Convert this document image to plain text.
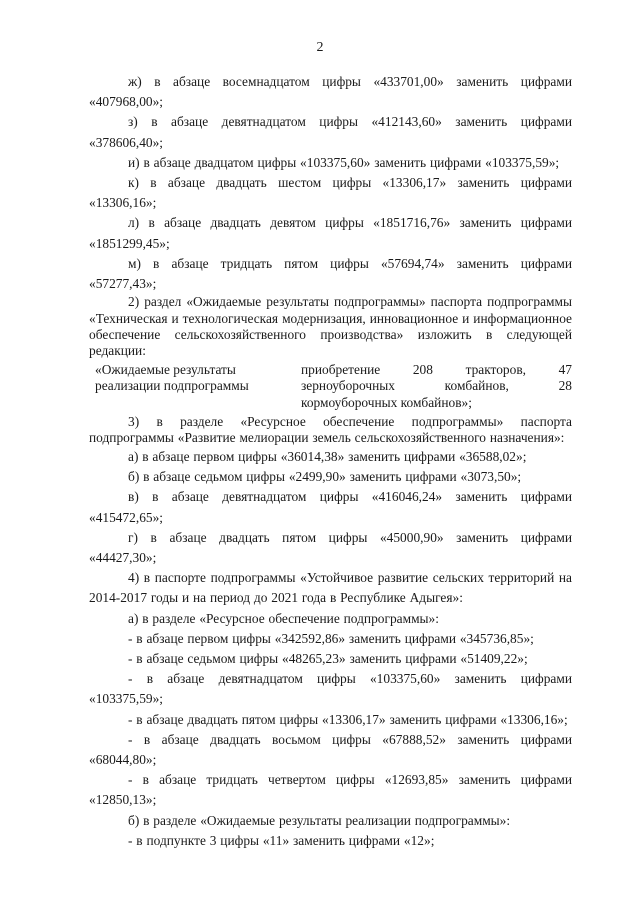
2

ж) в абзаце восемнадцатом цифры «433701,00» заменить цифрами «407968,00»;

з) в абзаце девятнадцатом цифры «412143,60» заменить цифрами «378606,40»;

и) в абзаце двадцатом цифры «103375,60» заменить цифрами «103375,59»;

к) в абзаце двадцать шестом цифры «13306,17» заменить цифрами «13306,16»;

л) в абзаце двадцать девятом цифры «1851716,76» заменить цифрами «1851299,45»;

м) в абзаце тридцать пятом цифры «57694,74» заменить цифрами «57277,43»;

2) раздел «Ожидаемые результаты подпрограммы» паспорта подпрограммы «Техническая и технологическая модернизация, инновационное и информационное обеспечение сельскохозяйственного производства» изложить в следующей редакции:

«Ожидаемые результаты реализации подпрограммы
приобретение 208 тракторов, 47 зерноуборочных комбайнов, 28 кормоуборочных комбайнов»;

3) в разделе «Ресурсное обеспечение подпрограммы» паспорта подпрограммы «Развитие мелиорации земель сельскохозяйственного назначения»:

а) в абзаце первом цифры «36014,38» заменить цифрами «36588,02»;

б) в абзаце седьмом цифры «2499,90» заменить цифрами «3073,50»;

в) в абзаце девятнадцатом цифры «416046,24» заменить цифрами «415472,65»;

г) в абзаце двадцать пятом цифры «45000,90» заменить цифрами «44427,30»;

4) в паспорте подпрограммы «Устойчивое развитие сельских территорий на 2014-2017 годы и на период до 2021 года в Республике Адыгея»:

а) в разделе «Ресурсное обеспечение подпрограммы»:

- в абзаце первом цифры «342592,86» заменить цифрами «345736,85»;

- в абзаце седьмом цифры «48265,23» заменить цифрами «51409,22»;

- в абзаце девятнадцатом цифры «103375,60» заменить цифрами «103375,59»;

- в абзаце двадцать пятом цифры «13306,17» заменить цифрами «13306,16»;

- в абзаце двадцать восьмом цифры «67888,52» заменить цифрами «68044,80»;

- в абзаце тридцать четвертом цифры «12693,85» заменить цифрами «12850,13»;

б) в разделе «Ожидаемые результаты реализации подпрограммы»:

- в подпункте 3 цифры «11» заменить цифрами «12»;
